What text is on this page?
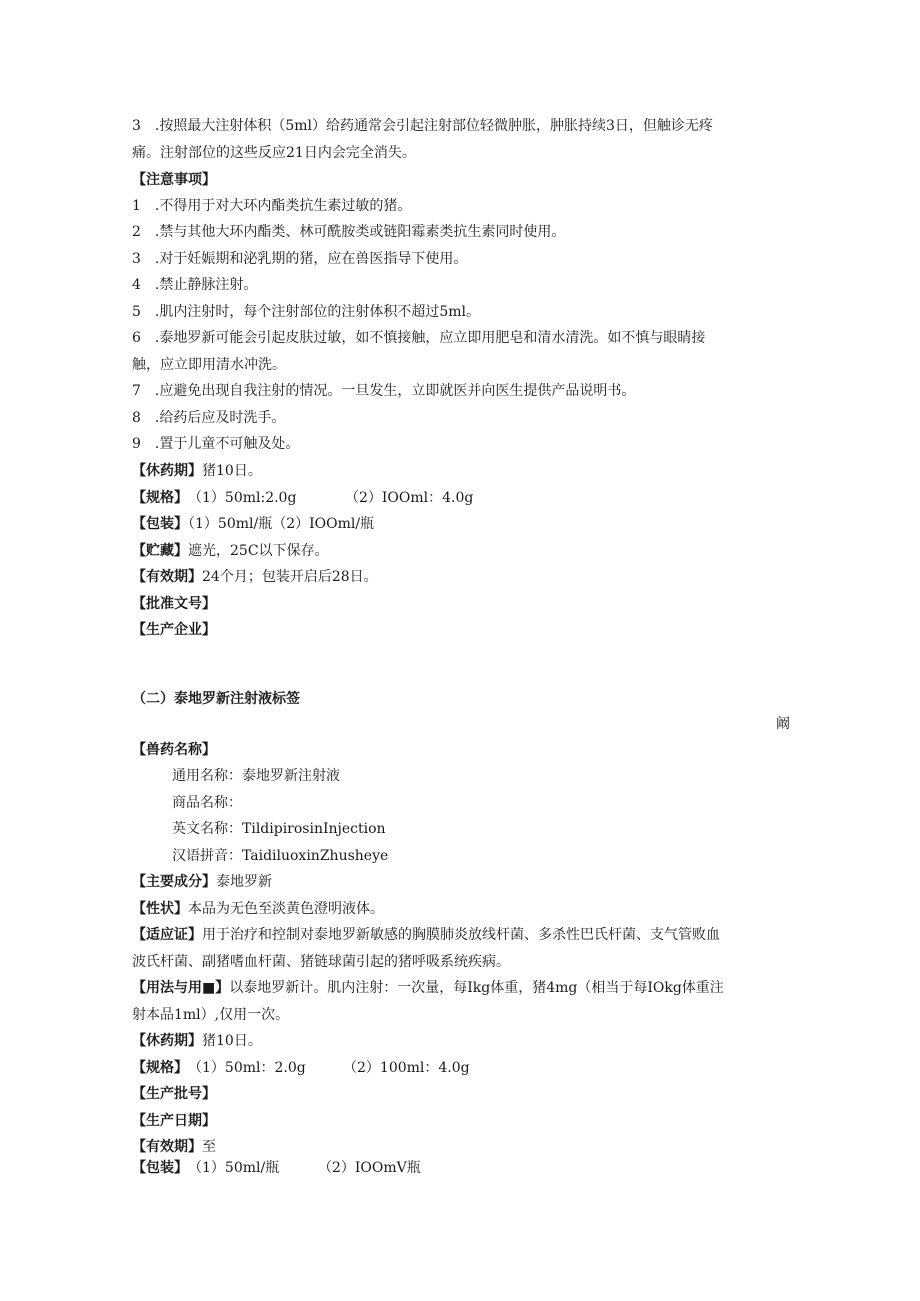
3　.按照最大注射体积（5ml）给药通常会引起注射部位轻微肿胀，肿胀持续3日，但触诊无疼
痛。注射部位的这些反应21日内会完全消失。
【注意事项】
1　.不得用于对大环内酯类抗生素过敏的猪。
2　.禁与其他大环内酯类、林可酰胺类或链阳霉素类抗生素同时使用。
3　.对于妊娠期和泌乳期的猪，应在兽医指导下使用。
4　.禁止静脉注射。
5　.肌内注射时，每个注射部位的注射体积不超过5ml。
6　.泰地罗新可能会引起皮肤过敏，如不慎接触，应立即用肥皂和清水清洗。如不慎与眼睛接
触，应立即用清水冲洗。
7　.应避免出现自我注射的情况。一旦发生，立即就医并向医生提供产品说明书。
8　.给药后应及时洗手。
9　.置于儿童不可触及处。
【休药期】猪10日。
【规格】（1）50ml:2.0g	（2）IOOml：4.0g
【包装】（1）50ml/瓶（2）IOOml/瓶
【贮藏】遮光，25C以下保存。
【有效期】24个月；包装开启后28日。
【批准文号】
【生产企业】
（二）泰地罗新注射液标签
阚
【兽药名称】
通用名称：泰地罗新注射液
商品名称：
英文名称：TildipirosinInjection
汉语拼音：TaidiluoxinZhusheye
【主要成分】泰地罗新
【性状】本品为无色至淡黄色澄明液体。
【适应证】用于治疗和控制对泰地罗新敏感的胸膜肺炎放线杆菌、多杀性巴氏杆菌、支气管败血
波氏杆菌、副猪嗜血杆菌、猪链球菌引起的猪呼吸系统疾病。
【用法与用■】以泰地罗新计。肌内注射：一次量，每Ikg体重，猪4mg（相当于每IOkg体重注
射本品1ml）,仅用一次。
【休药期】猪10日。
【规格】（1）50ml：2.0g	（2）100ml：4.0g
【生产批号】
【生产日期】
【有效期】至
【包装】（1）50ml/瓶	（2）IOOmV瓶
